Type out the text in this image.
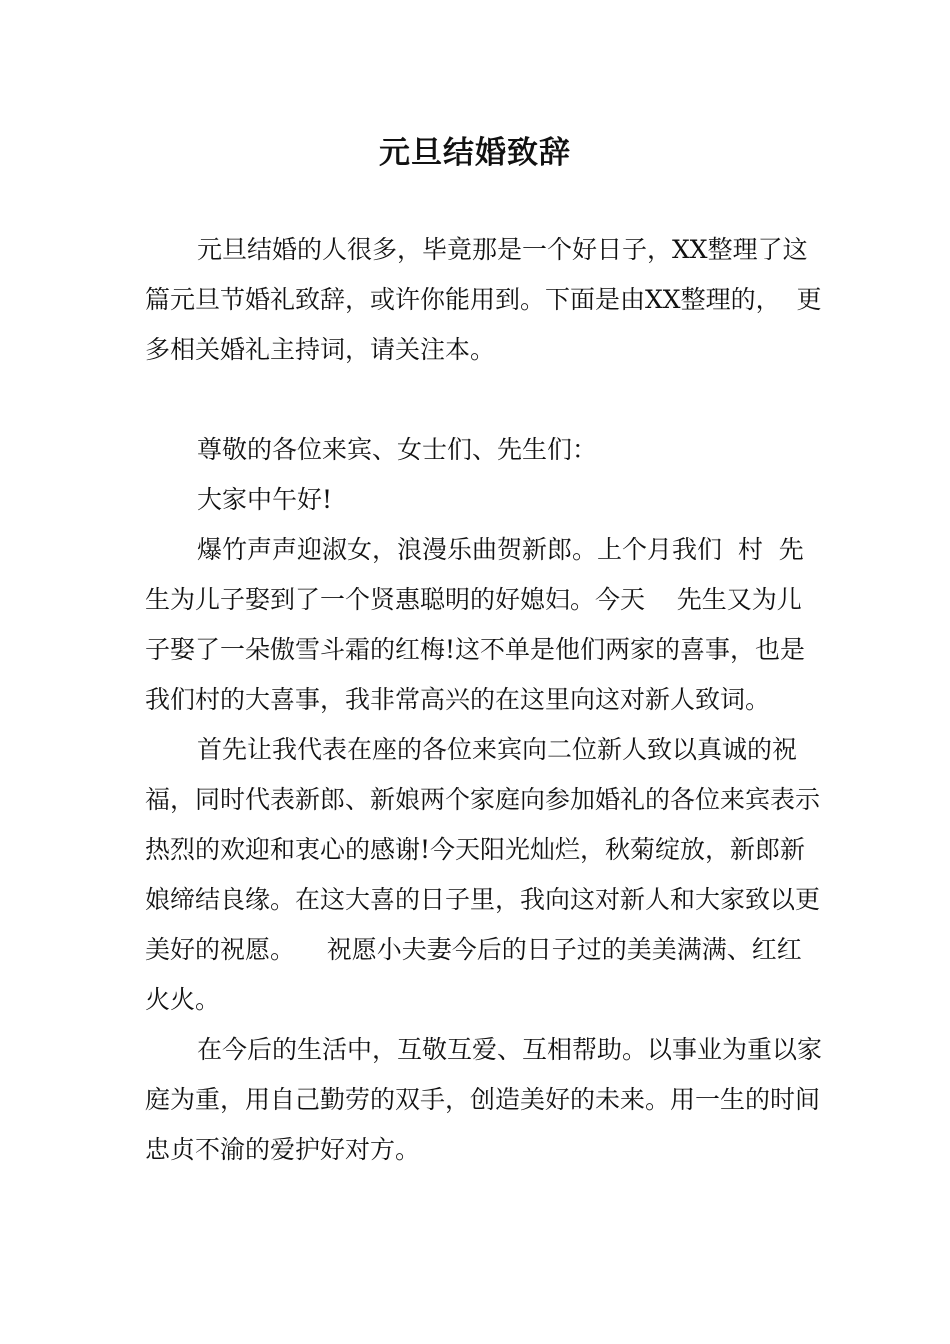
元旦结婚致辞

元旦结婚的人很多，毕竟那是一个好日子，XX整理了这篇元旦节婚礼致辞，或许你能用到。下面是由XX整理的，  更多相关婚礼主持词，请关注本。

尊敬的各位来宾、女士们、先生们：

大家中午好!

爆竹声声迎淑女，浪漫乐曲贺新郎。上个月我们  村  先生为儿子娶到了一个贤惠聪明的好媳妇。今天    先生又为儿子娶了一朵傲雪斗霜的红梅!这不单是他们两家的喜事，也是我们村的大喜事，我非常高兴的在这里向这对新人致词。

首先让我代表在座的各位来宾向二位新人致以真诚的祝福，同时代表新郎、新娘两个家庭向参加婚礼的各位来宾表示热烈的欢迎和衷心的感谢!今天阳光灿烂，秋菊绽放，新郎新娘缔结良缘。在这大喜的日子里，我向这对新人和大家致以更美好的祝愿。    祝愿小夫妻今后的日子过的美美满满、红红火火。

在今后的生活中，互敬互爱、互相帮助。以事业为重以家庭为重，用自己勤劳的双手，创造美好的未来。用一生的时间忠贞不渝的爱护好对方。
